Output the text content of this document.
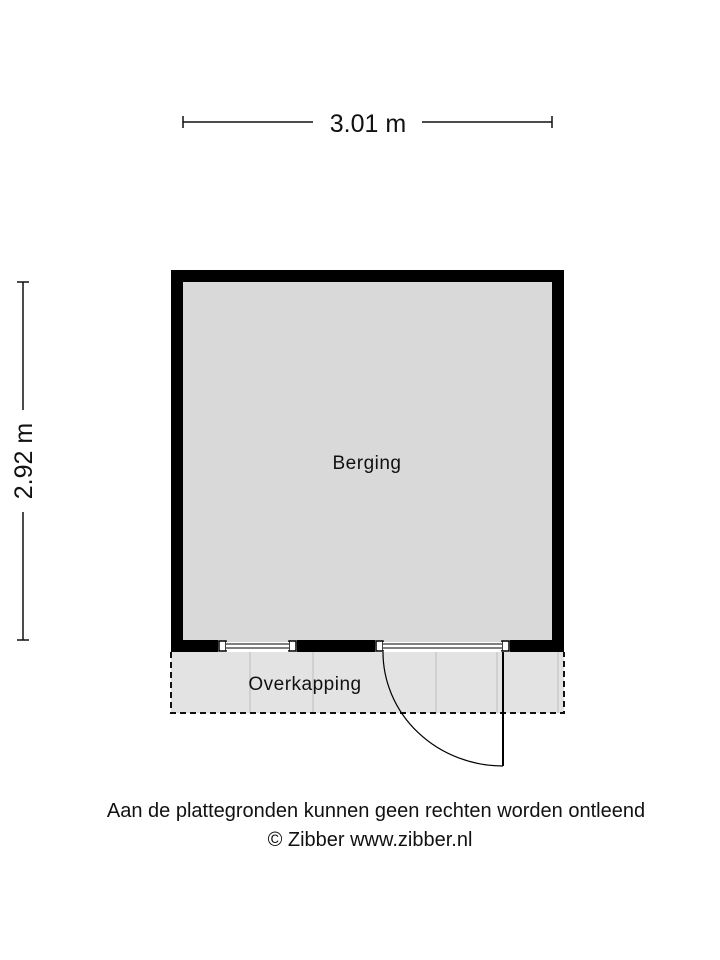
3.01 m
2.92 m
Overkapping
Berging
Aan de plattegronden kunnen geen rechten worden ontleend
© Zibber www.zibber.nl
